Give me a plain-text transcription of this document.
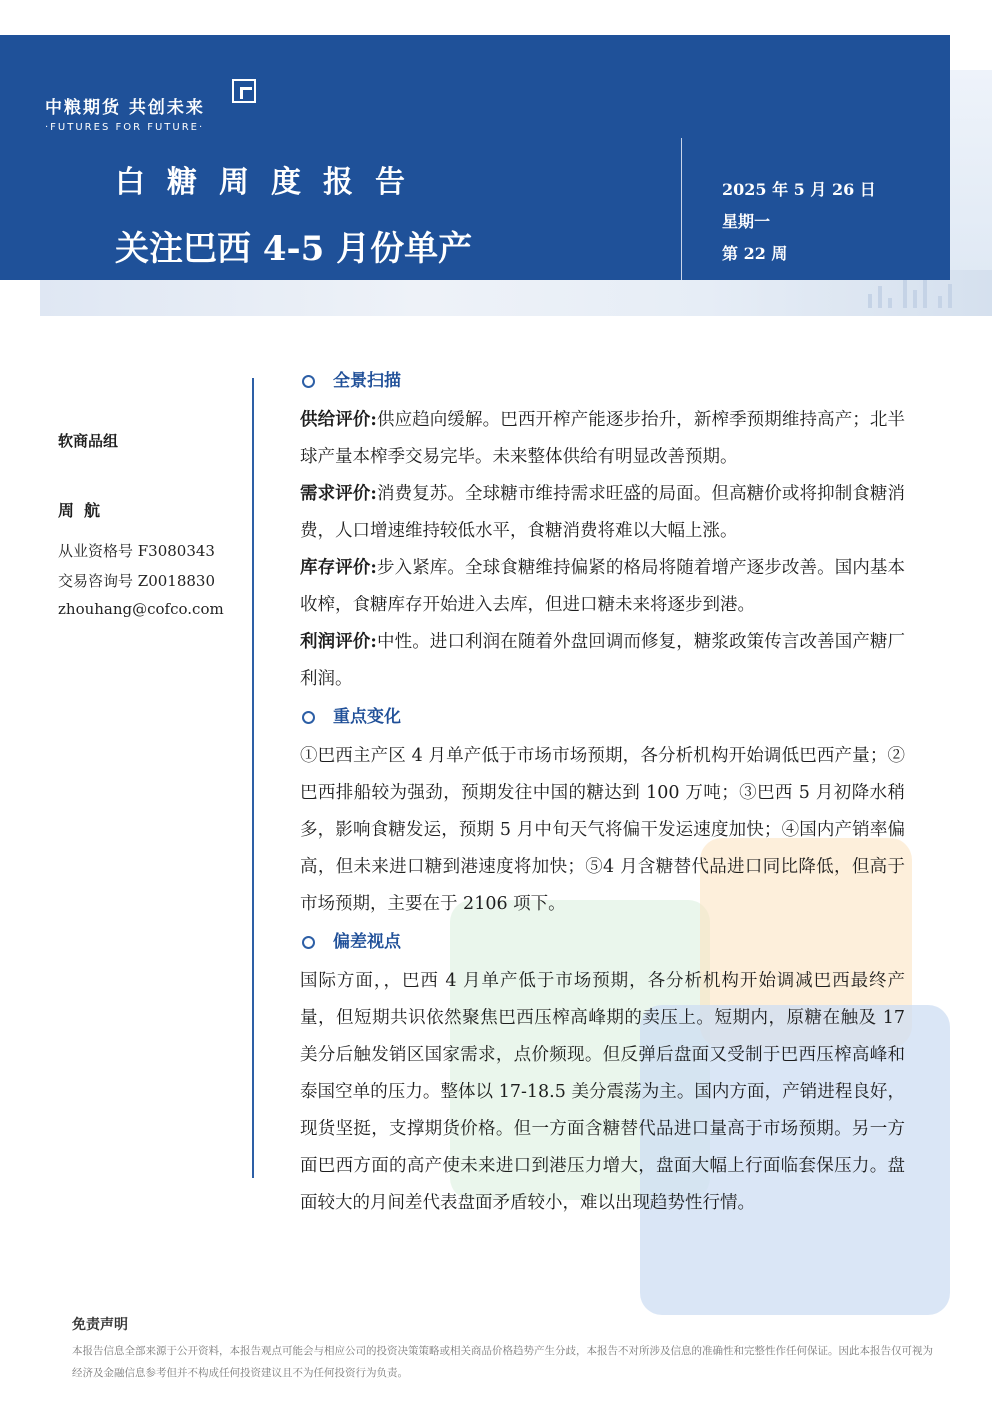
中粮期货 共创未来
·FUTURES FOR FUTURE·
白糖周度报告
关注巴西 4-5 月份单产
2025 年 5 月 26 日
星期一
第 22 周
软商品组
周航
从业资格号 F3080343
交易咨询号 Z0018830
zhouhang@cofco.com
全景扫描

供给评价:供应趋向缓解。巴西开榨产能逐步抬升，新榨季预期维持高产；北半球产量本榨季交易完毕。未来整体供给有明显改善预期。

需求评价:消费复苏。全球糖市维持需求旺盛的局面。但高糖价或将抑制食糖消费，人口增速维持较低水平，食糖消费将难以大幅上涨。

库存评价:步入紧库。全球食糖维持偏紧的格局将随着增产逐步改善。国内基本收榨，食糖库存开始进入去库，但进口糖未来将逐步到港。

利润评价:中性。进口利润在随着外盘回调而修复，糖浆政策传言改善国产糖厂利润。

重点变化

①巴西主产区 4 月单产低于市场市场预期，各分析机构开始调低巴西产量；②巴西排船较为强劲，预期发往中国的糖达到 100 万吨；③巴西 5 月初降水稍多，影响食糖发运，预期 5 月中旬天气将偏干发运速度加快；④国内产销率偏高，但未来进口糖到港速度将加快；⑤4 月含糖替代品进口同比降低，但高于市场预期，主要在于 2106 项下。

偏差视点

国际方面，，巴西 4 月单产低于市场预期，各分析机构开始调减巴西最终产量，但短期共识依然聚焦巴西压榨高峰期的卖压上。短期内，原糖在触及 17 美分后触发销区国家需求，点价频现。但反弹后盘面又受制于巴西压榨高峰和泰国空单的压力。整体以 17-18.5 美分震荡为主。国内方面，产销进程良好，现货坚挺，支撑期货价格。但一方面含糖替代品进口量高于市场预期。另一方面巴西方面的高产使未来进口到港压力增大，盘面大幅上行面临套保压力。盘面较大的月间差代表盘面矛盾较小，难以出现趋势性行情。

免责声明
本报告信息全部来源于公开资料，本报告观点可能会与相应公司的投资决策策略或相关商品价格趋势产生分歧，本报告不对所涉及信息的准确性和完整性作任何保证。因此本报告仅可视为经济及金融信息参考但并不构成任何投资建议且不为任何投资行为负责。
